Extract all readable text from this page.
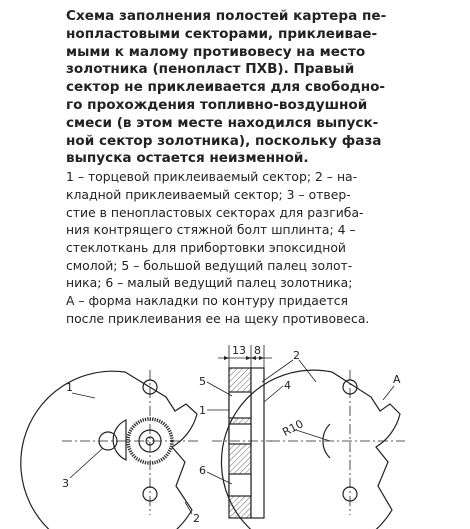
Схема заполнения полостей картера пе-
нопластовыми секторами, приклеивае-
мыми к малому противовесу на место
золотника (пенопласт ПХВ). Правый
сектор не приклеивается для свободно-
го прохождения топливно-воздушной
смеси (в этом месте находился выпуск-
ной сектор золотника), поскольку фаза
выпуска остается неизменной.

1 – торцевой приклеиваемый сектор; 2 – на-
кладной приклеиваемый сектор; 3 – отвер-
стие в пенопластовых секторах для разгиба-
ния контрящего стяжной болт шплинта; 4 –
стеклоткань для прибортовки эпоксидной
смолой; 5 – большой ведущий палец золот-
ника; 6 – малый ведущий палец золотника;
А – форма накладки по контуру придается
после приклеивания ее на щеку противовеса.

1
3
2
13 8
5
1
6
4
2
A
R10
